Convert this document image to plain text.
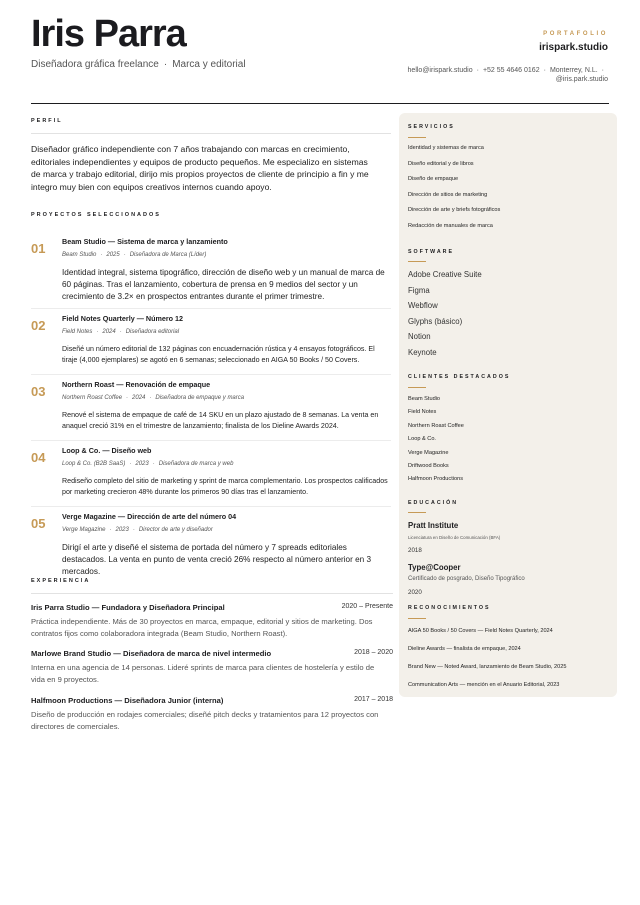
Iris Parra
Diseñadora gráfica freelance · Marca y editorial
PORTAFOLIO
irispark.studio
hello@irispark.studio · +52 55 4646 0162 · Monterrey, N.L. ·
@iris.park.studio
PERFIL
Diseñador gráfico independiente con 7 años trabajando con marcas en crecimiento, editoriales independientes y equipos de producto pequeños. Me especializo en sistemas de marca y trabajo editorial, dirijo mis propios proyectos de cliente de principio a fin y me integro muy bien con equipos creativos internos cuando apoyo.
PROYECTOS SELECCIONADOS
01 Beam Studio — Sistema de marca y lanzamiento
Beam Studio · 2025 · Diseñadora de Marca (Líder)
Identidad integral, sistema tipográfico, dirección de diseño web y un manual de marca de 60 páginas. Tras el lanzamiento, cobertura de prensa en 9 medios del sector y un crecimiento de 3.2× en prospectos entrantes durante el primer trimestre.
02 Field Notes Quarterly — Número 12
Field Notes · 2024 · Diseñadora editorial
Diseñé un número editorial de 132 páginas con encuadernación rústica y 4 ensayos fotográficos. El tiraje (4,000 ejemplares) se agotó en 6 semanas; seleccionado en AIGA 50 Books / 50 Covers.
03 Northern Roast — Renovación de empaque
Northern Roast Coffee · 2024 · Diseñadora de empaque y marca
Renové el sistema de empaque de café de 14 SKU en un plazo ajustado de 8 semanas. La venta en anaquel creció 31% en el trimestre de lanzamiento; finalista de los Dieline Awards 2024.
04 Loop & Co. — Diseño web
Loop & Co. (B2B SaaS) · 2023 · Diseñadora de marca y web
Rediseño completo del sitio de marketing y sprint de marca complementario. Los prospectos calificados por marketing crecieron 48% durante los primeros 90 días tras el lanzamiento.
05 Verge Magazine — Dirección de arte del número 04
Verge Magazine · 2023 · Director de arte y diseñador
Dirigí el arte y diseñé el sistema de portada del número y 7 spreads editoriales destacados. La venta en punto de venta creció 26% respecto al número anterior en 3 mercados.
EXPERIENCIA
Iris Parra Studio — Fundadora y Diseñadora Principal	2020 – Presente
Práctica independiente. Más de 30 proyectos en marca, empaque, editorial y sitios de marketing. Dos contratos fijos como colaboradora integrada (Beam Studio, Northern Roast).
Marlowe Brand Studio — Diseñadora de marca de nivel intermedio	2018 – 2020
Interna en una agencia de 14 personas. Lideré sprints de marca para clientes de hostelería y estilo de vida en 9 proyectos.
Halfmoon Productions — Diseñadora Junior (interna)	2017 – 2018
Diseño de producción en rodajes comerciales; diseñé pitch decks y tratamientos para 12 proyectos con directores de comerciales.
SERVICIOS
Identidad y sistemas de marca
Diseño editorial y de libros
Diseño de empaque
Dirección de sitios de marketing
Dirección de arte y briefs fotográficos
Redacción de manuales de marca
SOFTWARE
Adobe Creative Suite
Figma
Webflow
Glyphs (básico)
Notion
Keynote
CLIENTES DESTACADOS
Beam Studio
Field Notes
Northern Roast Coffee
Loop & Co.
Verge Magazine
Driftwood Books
Halfmoon Productions
EDUCACIÓN
Pratt Institute
Licenciatura en Diseño de Comunicación (BFA)
2018
Type@Cooper
Certificado de posgrado, Diseño Tipográfico
2020
RECONOCIMIENTOS
AIGA 50 Books / 50 Covers — Field Notes Quarterly, 2024
Dieline Awards — finalista de empaque, 2024
Brand New — Noted Award, lanzamiento de Beam Studio, 2025
Communication Arts — mención en el Anuario Editorial, 2023
